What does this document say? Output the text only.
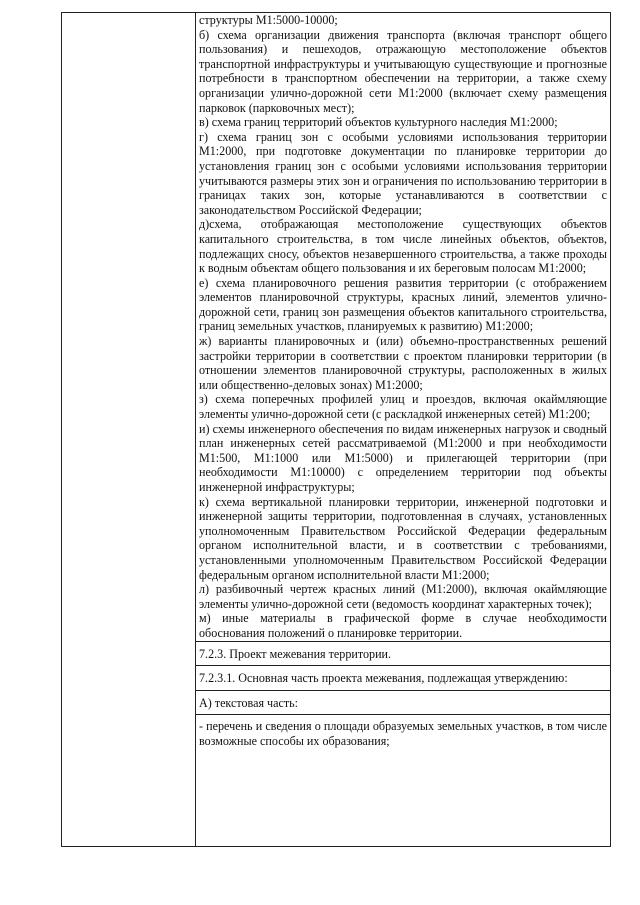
структуры М1:5000-10000;

б) схема организации движения транспорта (включая транспорт общего пользования) и пешеходов, отражающую местоположение объектов транспортной инфраструктуры и учитывающую существующие и прогнозные потребности в транспортном обеспечении на территории, а также схему организации улично-дорожной сети М1:2000 (включает схему размещения парковок (парковочных мест);

в) схема границ территорий объектов культурного наследия М1:2000;

г) схема границ зон с особыми условиями использования территории М1:2000, при подготовке документации по планировке территории до установления границ зон с особыми условиями использования территории учитываются размеры этих зон и ограничения по использованию территории в границах таких зон, которые устанавливаются в соответствии с законодательством Российской Федерации;

д)схема, отображающая местоположение существующих объектов капитального строительства, в том числе линейных объектов, объектов, подлежащих сносу, объектов незавершенного строительства, а также проходы к водным объектам общего пользования и их береговым полосам М1:2000;

е) схема планировочного решения развития территории (с отображением элементов планировочной структуры, красных линий, элементов улично-дорожной сети, границ зон размещения объектов капитального строительства, границ земельных участков, планируемых к развитию) М1:2000;

ж) варианты планировочных и (или) объемно-пространственных решений застройки территории в соответствии с проектом планировки территории (в отношении элементов планировочной структуры, расположенных в жилых или общественно-деловых зонах) М1:2000;

з) схема поперечных профилей улиц и проездов, включая окаймляющие элементы улично-дорожной сети (с раскладкой инженерных сетей) М1:200;

и) схемы инженерного обеспечения по видам инженерных нагрузок и сводный план инженерных сетей рассматриваемой (М1:2000 и при необходимости М1:500, М1:1000 или М1:5000) и прилегающей территории (при необходимости М1:10000) с определением территории под объекты инженерной инфраструктуры;

к) схема вертикальной планировки территории, инженерной подготовки и инженерной защиты территории, подготовленная в случаях, установленных уполномоченным Правительством Российской Федерации федеральным органом исполнительной власти, и в соответствии с требованиями, установленными уполномоченным Правительством Российской Федерации федеральным органом исполнительной власти М1:2000;

л) разбивочный чертеж красных линий (М1:2000), включая окаймляющие элементы улично-дорожной сети (ведомость координат характерных точек);

м) иные материалы в графической форме в случае необходимости обоснования положений о планировке территории.

7.2.3. Проект межевания территории.

7.2.3.1. Основная часть проекта межевания, подлежащая утверждению:

А) текстовая часть:

- перечень и сведения о площади образуемых земельных участков, в том числе возможные способы их образования;
